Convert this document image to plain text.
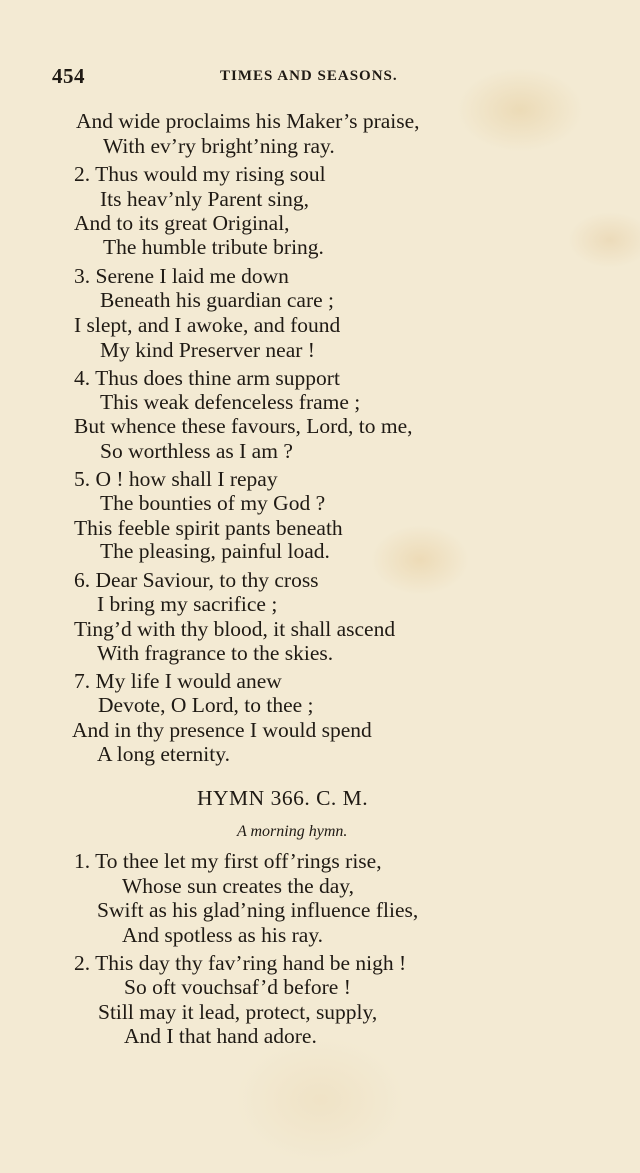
454	TIMES AND SEASONS.
And wide proclaims his Maker’s praise,
With ev’ry bright’ning ray.
2. Thus would my rising soul
Its heav’nly Parent sing,
And to its great Original,
The humble tribute bring.
3. Serene I laid me down
Beneath his guardian care ;
I slept, and I awoke, and found
My kind Preserver near !
4. Thus does thine arm support
This weak defenceless frame ;
But whence these favours, Lord, to me,
So worthless as I am ?
5. O ! how shall I repay
The bounties of my God ?
This feeble spirit pants beneath
The pleasing, painful load.
6. Dear Saviour, to thy cross
I bring my sacrifice ;
Ting’d with thy blood, it shall ascend
With fragrance to the skies.
7. My life I would anew
Devote, O Lord, to thee ;
And in thy presence I would spend
A long eternity.
HYMN 366. C. M.
A morning hymn.
1. To thee let my first off’rings rise,
Whose sun creates the day,
Swift as his glad’ning influence flies,
And spotless as his ray.
2. This day thy fav’ring hand be nigh !
So oft vouchsaf’d before !
Still may it lead, protect, supply,
And I that hand adore.
